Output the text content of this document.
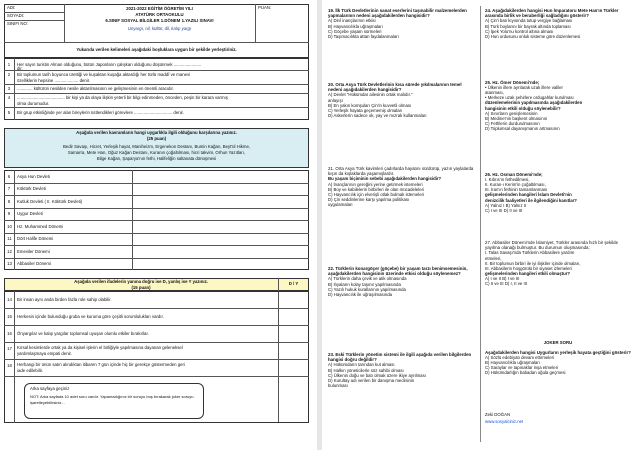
ADI:
SOYADI:
SINIFI NO:
PUAN:
2021-2022 EĞİTİM ÖĞRETİM YILI
ATATÜRK ORTAOKULU
6.SINIF SOSYAL BİLGİLER 1.DÖNEM 1.YAZILI SINAVI
Unyargı, nil, kültür, dil, kalıp yargı
Yukarıda verilen kelimeleri aşağıdaki boşluklara uygun bir şekilde yerleştiriniz.
1	Her sayın turistin Alman olduğunu, bütün Japonların çalışkan olduğunu düşünmek .......................
dir.
2	Bir toplumun tarih boyunca ürettiği ve kuşaktan kuşağa aktardığı her türlü maddî ve manevi
özelliklerin hepsine .................... denir.
3	............. kültürün nesilden nesile aktarılmasının ve gelişmesinin en önemli aracıdır.
4	........................................ bir kişi ya da olaya ilişkin yeterli bir bilgi edinmeden, önceden, peşin bir karara varmış
olma durumudur.
5	Bir grup etkinliğinde yer alan bireylerin üstlendikleri görevlere ................................ denir.
Aşağıda verilen kavramların hangi uygarlıkla ilgili olduğunu karşılarına yazınız.
(25 puan)
Bedir Savaşı, Hicret, Yerleşik hayat, Maniheizm, Ergenekon Destanı, Bumin Kağan, Beyt'ül Hikme,
Samarra, Mete Han, Oğuz Kağan Destanı, Kuranın çoğaltılması, hicri takvim, Orhun Yazıtları,
Bilge Kağan, Şaparya'nın fethi, Halifeliğin saltanata dönüşmesi
6	Asya Hun Devleti
7	Köktürk Devleti
8	Kutluk Devleti ( II. Köktürk Devleti)
9	Uygur Devleti
10	Hz. Muhammed Dönemi
11	Dört Halife Dönemi
12	Emeviler Dönemi
13	Abbasiler Dönemi
Aşağıda verilen ifadelerin yanına doğru ise D, yanlış ise Y yazınız.
(15 puan)
D / Y
14	Bir insan aynı anda birden fazla role sahip olabilir.
15	Herkesin içinde bulunduğu gruba ve kuruma göre çeşitli sorumlulukları vardır.
16	Önyargılar ve kalıp yargılar toplumsal uyuşan olumlu etkiler bırakırlar.
17	Kırsal kesimlerde ortak ya da kişisel işlerin el birliğiyle yapılmasına dayanan geleneksel
yardımlaşmaya empati denir.
18	Herhangi bir ünün satın alındıktan itibaren 7 gün içinde hiç bir gerekçe göstermeden geri
iade edilebilir.
Arka sayfaya geçiniz
NOT: Arka sayfada 10 adet soru vardır. Yapamadığınız bir soruyu boş bırakarak joker soruyu
işaretleyebilirsiniz...
19. İlk Türk Devletlerinin sanat eserlerini taşınabilir malzemelerden yapmalarının nedeni aşağıdakilerden hangisidir?
A) Dinî inançlarının etkisi
B) Hayvancılıkla uğraşmaları
C) Göçebe yaşam sürmeleri
D) Taşımacılıkta attan faydalanmaları
20. Orta Asya Türk Devletlerinin kısa sürede yıkılmalarının temel nedeni aşağıdakilerden hangisidir?
A) Devlet "Hükümdar ailesinin ortak malıdır."
anlayışı
B) En yakın komşuları Çin'in kuvvetli olması
C) Yerleşik hayata geçememiş olmaları
D) Askerlerin sadece ok, yay ve mızrak kullanmaları
21. Orta Asya Türk kavimleri çadırlarda hayatını sürdürüp, yazın yaylalarda kışın da kışlaklarda yaşamışlardır.
Bu yaşam biçiminin sebebi aşağıdakilerden hangisidir?
A) İnançlarının gereğini yerine getirmek istemeleri
B) Boy ve kabilelerin birbirleri ile olan mücadeleleri
C) Hayvancılık için elverişli otlak bulmak istemeleri
D) Çin seddinlerine karşı yapılma politikası
uygulamaları
22. Türklerin konargöçer (göçebe) bir yaşam tarzı benimsemesinin, aşağıdakilerden hangisinin üzerinde etkisi olduğu söylenemez?
A) Türklerin daha çevik ve atik olmasında
B) Ilıyaların kolay taşınır yapılmasında
C) Yazılı hukuk kurallarının yapılmasında
D) Hayvancılık ile uğraşılmasında
23. Eski Türklerin yönetim sistemi ile ilgili aşağıda verilen bilgilerden hangisi doğru değildir?
A) Hükümdarın tarından kut alması
B) Halkın yöneticilerle söz sahibi olması
C) Ülkenin doğu ve batı olmak üzere ikiye ayrılması
D) Kurultay adı verilen bir danışma meclisinin
bulunması
24. Aşağıdakilerden hangisi Hun İmparatoru Mete Han'ın Türkler arasında birlik ve beraberliği sağladığını gösterir?
A) Çin'i batı kıyısında tutup vergiye bağlaması
B) Türk boylarını bir bayrak altında toplaması
C) İpek Yolu'nu kontrol altına alması
D) Hun ordusunu onluk sisteme göre düzenlemesi
25. Hz. Ömer Dönemi'nde;
• Ülkenin illere ayrılarak uzak illere valiler
atanması,
• Merkeze uzak şehirlere ordugahlar kurulması
düzenlemelerinin yapılmasında aşağıdakilerden
hangisinin etkili olduğu söylenebilir?
A) Sınırların genişlemesinin
B) Medine'nin başkent olmasının
C) Fethlerin durdurulmasının
D) Toplumsal dayanışmanın artmasının
26. Hz. Osman Dönemi'nde;
I. Kıbrıs'ın fethedilmesi,
II. Kuran-ı Kerim'in çoğaltılması,
III. İran'ın fethinin tamamlanması
gelişmelerinden hangileri İslam Devleti'nin
denizcilik faaliyetleri ile ilgilendiğini kanıtlar?
A) Yalnız I B) Yalnız II
C) I ve III D) II ve III
27. Abbasiler Dönemi'nde İslamiyet, Türkler arasında hızlı bir şekilde yayılma olanağı bulmuştur. Bu durumun oluşmasında;
I. Talas Savaşı'nda Türklerin Abbasilere yardım
etmeleri,
II. Bir toplumun birbiri ile iyi ilişkiler içinde olmaları,
III. Abbasilerin hoşgörülü bir siyaset izlemeleri
gelişmelerinden hangileri etkili olmuştur?
A) I ve II B) I ve III
C) II ve III D) I, II ve III
JOKER SORU
Aşağıdakilerden hangisi Uygurların yerleşik hayata geçtiğini gösterir?
A) Sözlü edebiyatı devam ettirmeleri
B) Hayvancılıkla uğraşmaları
C) Saraylar ve tapınaklar inşa etmeleri
D) Hükümdarlığın babadan oğula geçmesi
Zeki DOĞAN
www.sosyalciniz.net
